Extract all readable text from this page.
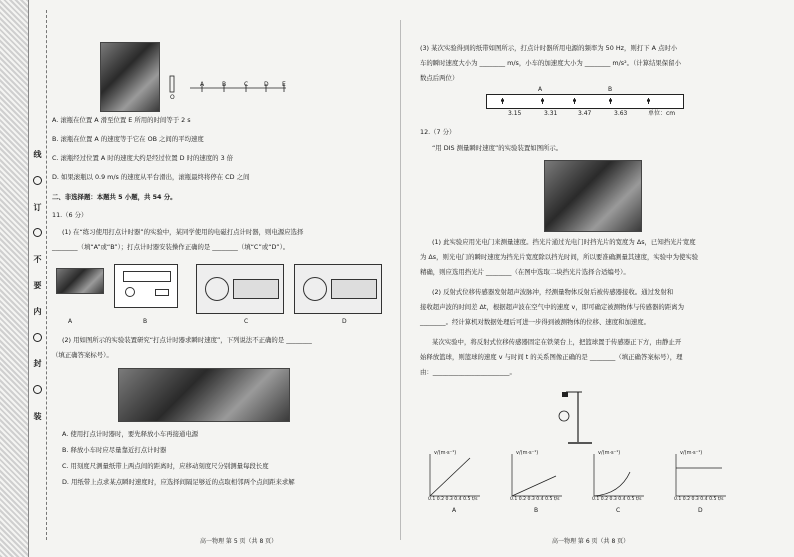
线
订
不
要
内
封
装
O
A	B	C	D E
A. 滚瓶在位置 A 滑至位置 E 所用的时间等于 2 s
B. 滚瓶在位置 A 的速度等于它在 OB 之间的平均速度
C. 滚瓶经过位置 A 时的速度大约是经过位置 D 时的速度的 3 倍
D. 如果滚瓶以 0.9 m/s 的速度从平台滑出，滚瓶最终将停在 CD 之间
二、非选择题：本题共 5 小题，共 54 分。
11.（6 分）
(1) 在“练习使用打点计时器”的实验中，某同学使用的电磁打点计时器，则电源应选择
________（填“A”或“B”）；打点计时器安装操作正确的是 ________（填“C”或“D”）。
A	B	C	D
(2) 用如图所示的实验装置研究“打点计时器求瞬时速度”，下列说法不正确的是 ________
（填正确答案标号）。
A. 使用打点计时器时，要先释放小车再接通电源
B. 释放小车时应尽量靠近打点计时器
C. 用刻度尺测量纸带上两点间的距离时，应移动刻度尺分别测量每段长度
D. 用纸带上点求某点瞬时速度时，应选择间隔足够近的点取相邻两个点间距来求解
高一物理 第 5 页（共 8 页）
(3) 某次实验得到的纸带如图所示，打点计时器所用电源的频率为 50 Hz，则打下 A 点时小
车的瞬时速度大小为 ________ m/s，小车的加速度大小为 ________ m/s²。（计算结果保留小
数点后两位）
A	B
3.15	3.31	3.47	3.63	单位：cm
12.（7 分）
“用 DIS 测量瞬时速度”的实验装置如图所示。
(1) 此实验应用光电门来测量速度。挡光片通过光电门时挡光片的宽度为 Δs，已知挡光片宽度
为 Δs，则光电门的瞬时速度为挡光片宽度除以挡光时间，所以要准确测量其速度，实验中为使实验
精确，则应选用挡光片 ________（在图中选取二块挡光片选择合适编号）。
(2) 反射式位移传感器发射超声波脉冲，经测量物体反射后被传感器接收。通过发射和
接收超声波的时间差 Δt，根据超声波在空气中的速度 v，即可确定被测物体与传感器的距离为
________。经计算机对数据处理后可进一步得到被测物体的位移、速度和加速度。
某次实验中，将反射式位移传感器固定在铁架台上，把篮球置于传感器正下方，由静止开
始释放篮球，则篮球的速度 v 与时间 t 的关系图像正确的是 ________（填正确答案标号），理
由：________________________。
v/(m·s⁻¹)	v/(m·s⁻¹)	v/(m·s⁻¹)	v/(m·s⁻¹)
0.1 0.2 0.3 0.4 0.5 t/s	0.1 0.2 0.3 0.4 0.5 t/s	0.1 0.2 0.3 0.4 0.5 t/s	0.1 0.2 0.3 0.4 0.5 t/s
A	B	C	D
高一物理 第 6 页（共 8 页）
